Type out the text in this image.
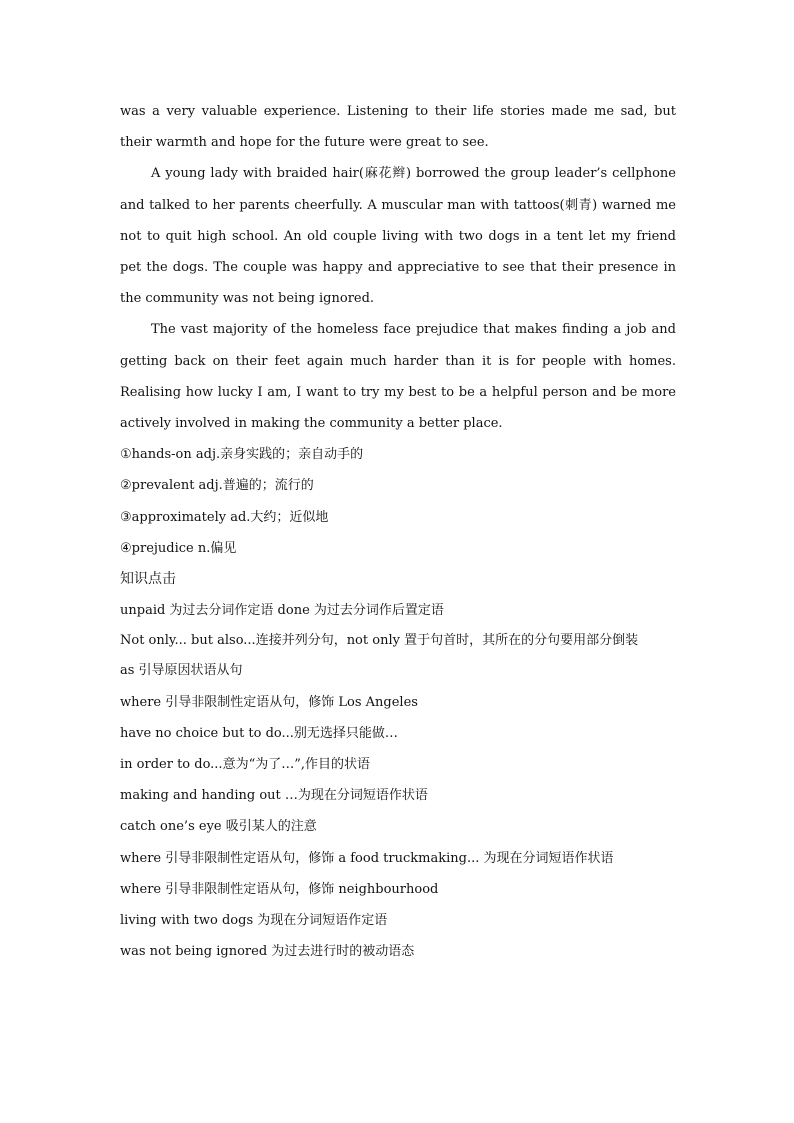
was a very valuable experience. Listening to their life stories made me sad, but their warmth and hope for the future were great to see.

A young lady with braided hair(麻花辫) borrowed the group leader’s cellphone and talked to her parents cheerfully. A muscular man with tattoos(刺青) warned me not to quit high school. An old couple living with two dogs in a tent let my friend pet the dogs. The couple was happy and appreciative to see that their presence in the community was not being ignored.

The vast majority of the homeless face prejudice that makes finding a job and getting back on their feet again much harder than it is for people with homes. Realising how lucky I am, I want to try my best to be a helpful person and be more actively involved in making the community a better place.

①hands-on adj.亲身实践的；亲自动手的

②prevalent adj.普遍的；流行的

③approximately ad.大约；近似地

④prejudice n.偏见

知识点击

unpaid 为过去分词作定语 done 为过去分词作后置定语

Not only... but also...连接并列分句，not only 置于句首时，其所在的分句要用部分倒装

as 引导原因状语从句

where 引导非限制性定语从句，修饰 Los Angeles

have no choice but to do...别无选择只能做…

in order to do...意为“为了…”,作目的状语

making and handing out …为现在分词短语作状语

catch one’s eye 吸引某人的注意

where 引导非限制性定语从句，修饰 a food truckmaking... 为现在分词短语作状语

where 引导非限制性定语从句，修饰 neighbourhood

living with two dogs 为现在分词短语作定语

was not being ignored 为过去进行时的被动语态
